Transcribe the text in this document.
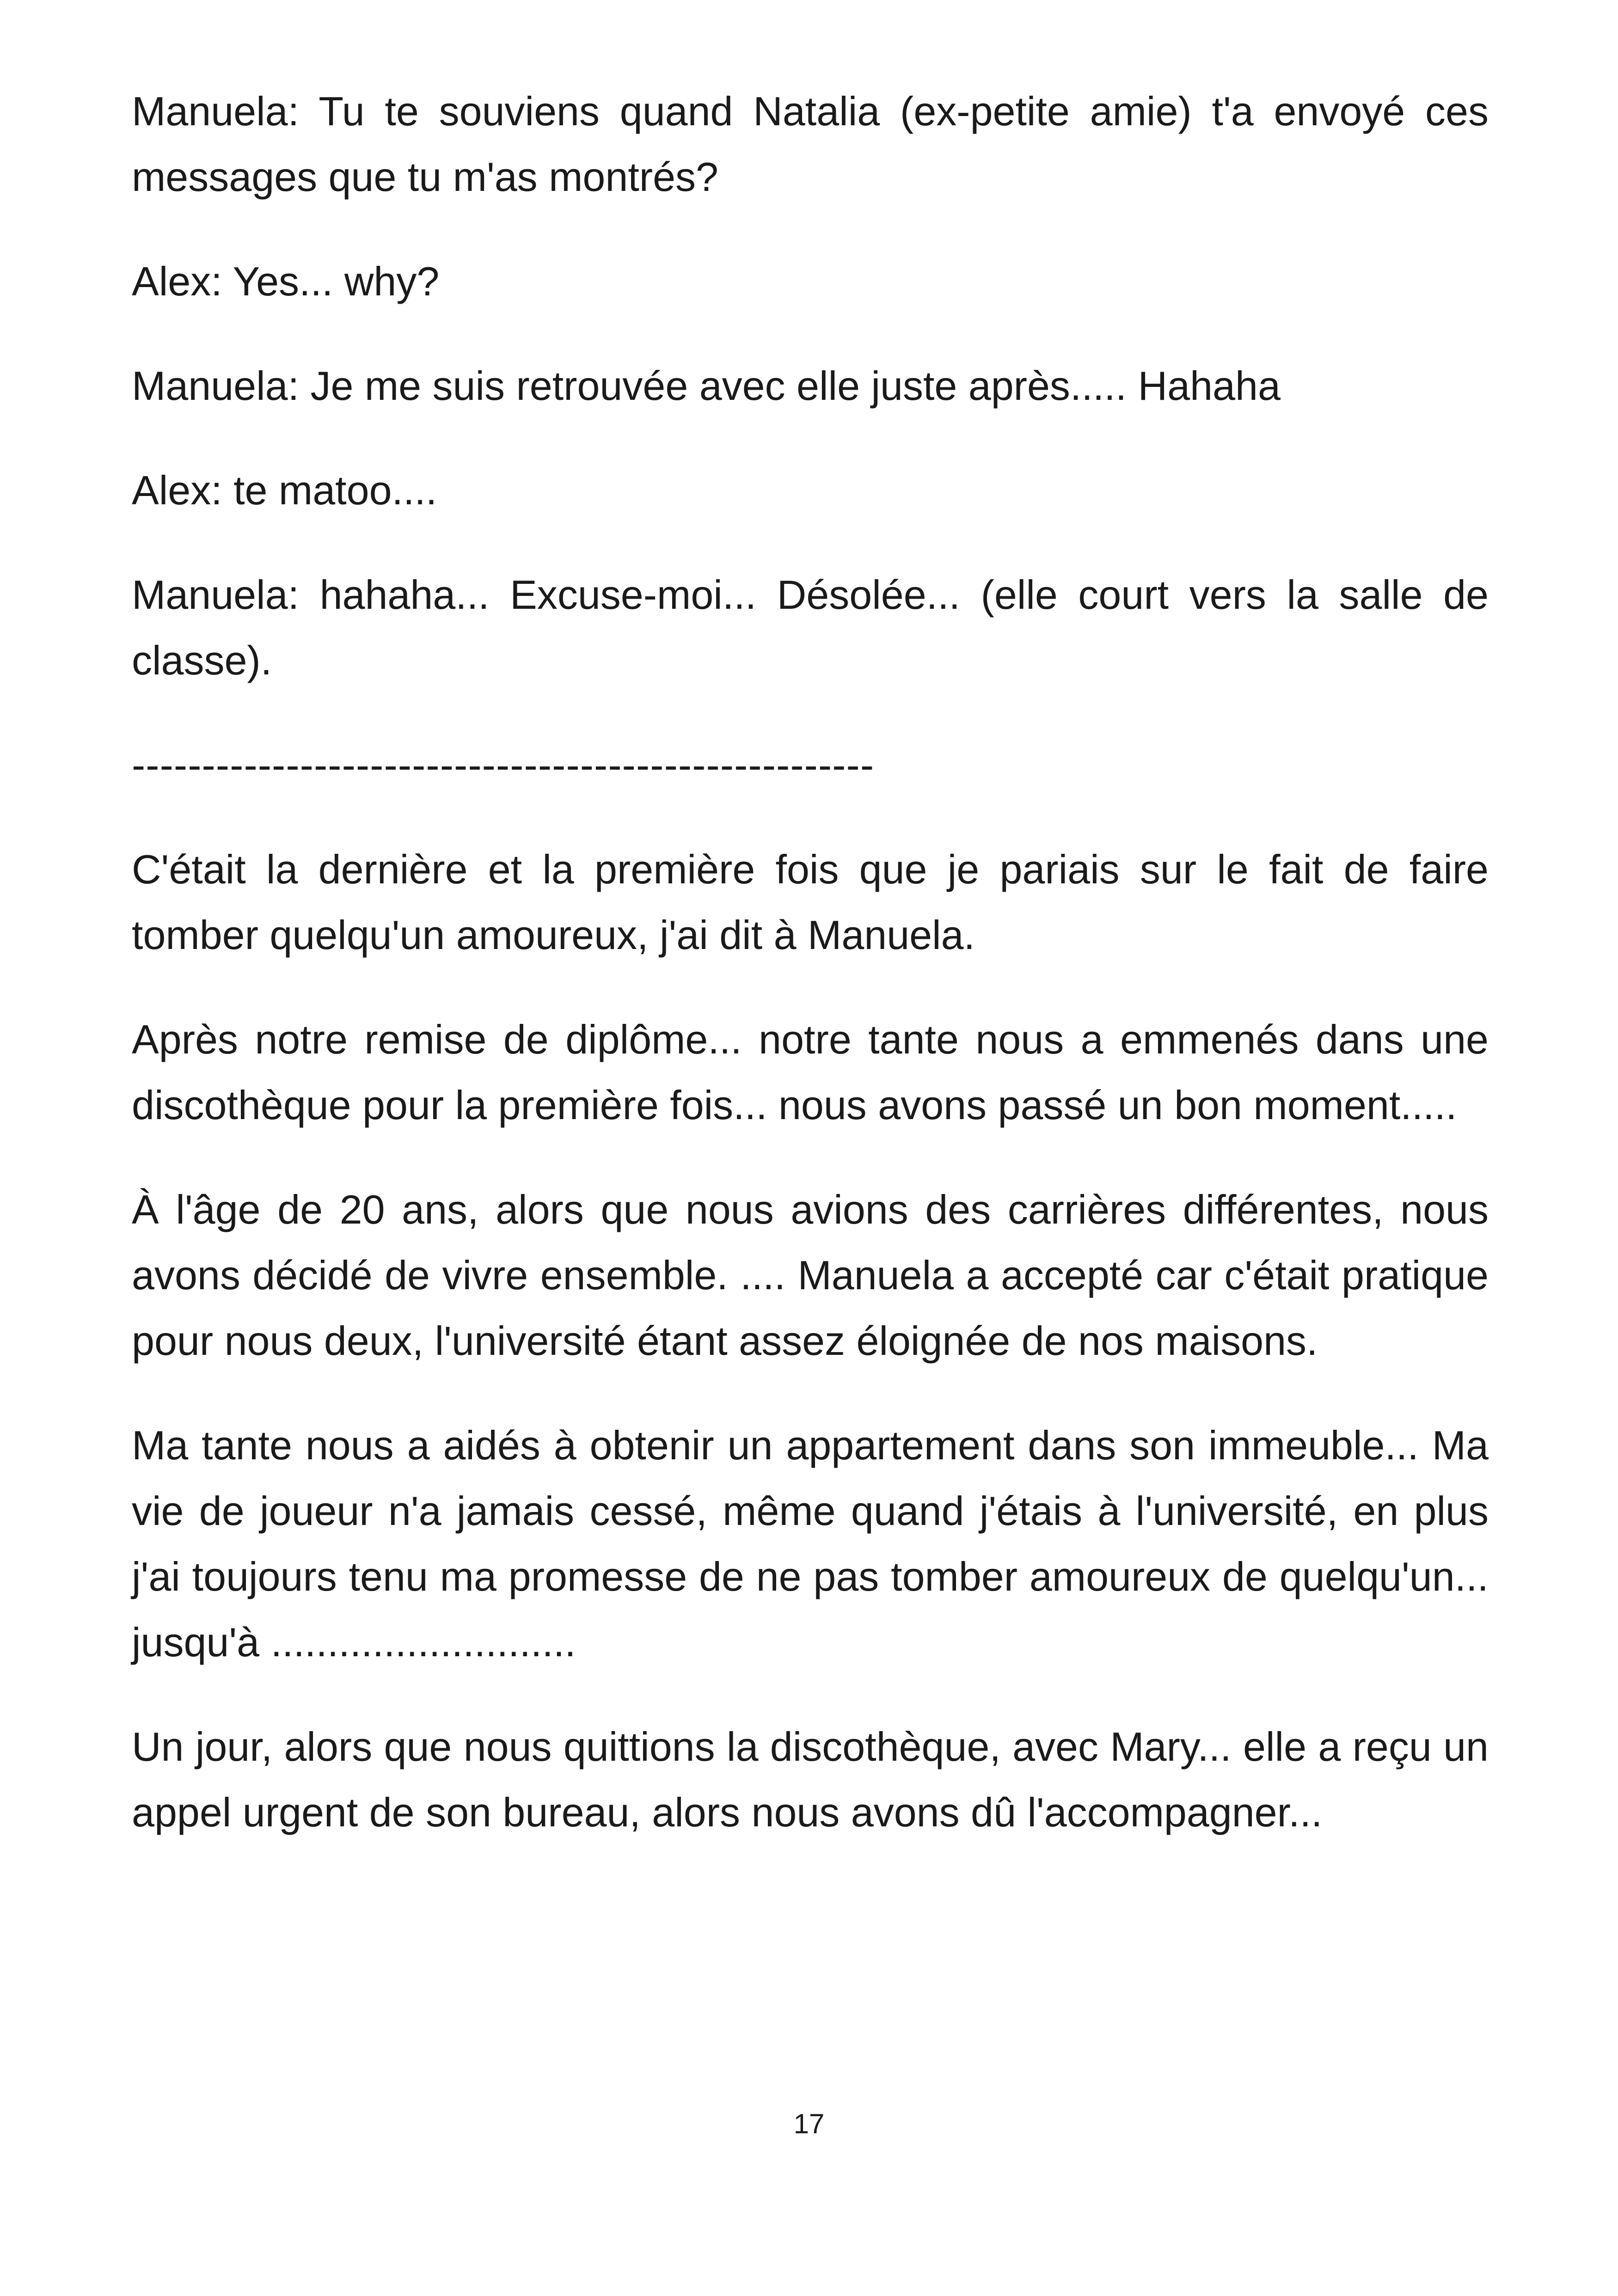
Manuela: Tu te souviens quand Natalia (ex-petite amie) t'a envoyé ces messages que tu m'as montrés?

Alex: Yes... why?

Manuela: Je me suis retrouvée avec elle juste après..... Hahaha

Alex: te matoo....

Manuela: hahaha... Excuse-moi... Désolée... (elle court vers la salle de classe).

-----------------------------------------------------

C'était la dernière et la première fois que je pariais sur le fait de faire tomber quelqu'un amoureux, j'ai dit à Manuela.

Après notre remise de diplôme... notre tante nous a emmenés dans une discothèque pour la première fois... nous avons passé un bon moment.....

À l'âge de 20 ans, alors que nous avions des carrières différentes, nous avons décidé de vivre ensemble. .... Manuela a accepté car c'était pratique pour nous deux, l'université étant assez éloignée de nos maisons.

Ma tante nous a aidés à obtenir un appartement dans son immeuble... Ma vie de joueur n'a jamais cessé, même quand j'étais à l'université, en plus j'ai toujours tenu ma promesse de ne pas tomber amoureux de quelqu'un... jusqu'à ...........................

Un jour, alors que nous quittions la discothèque, avec Mary... elle a reçu un appel urgent de son bureau, alors nous avons dû l'accompagner...

17
